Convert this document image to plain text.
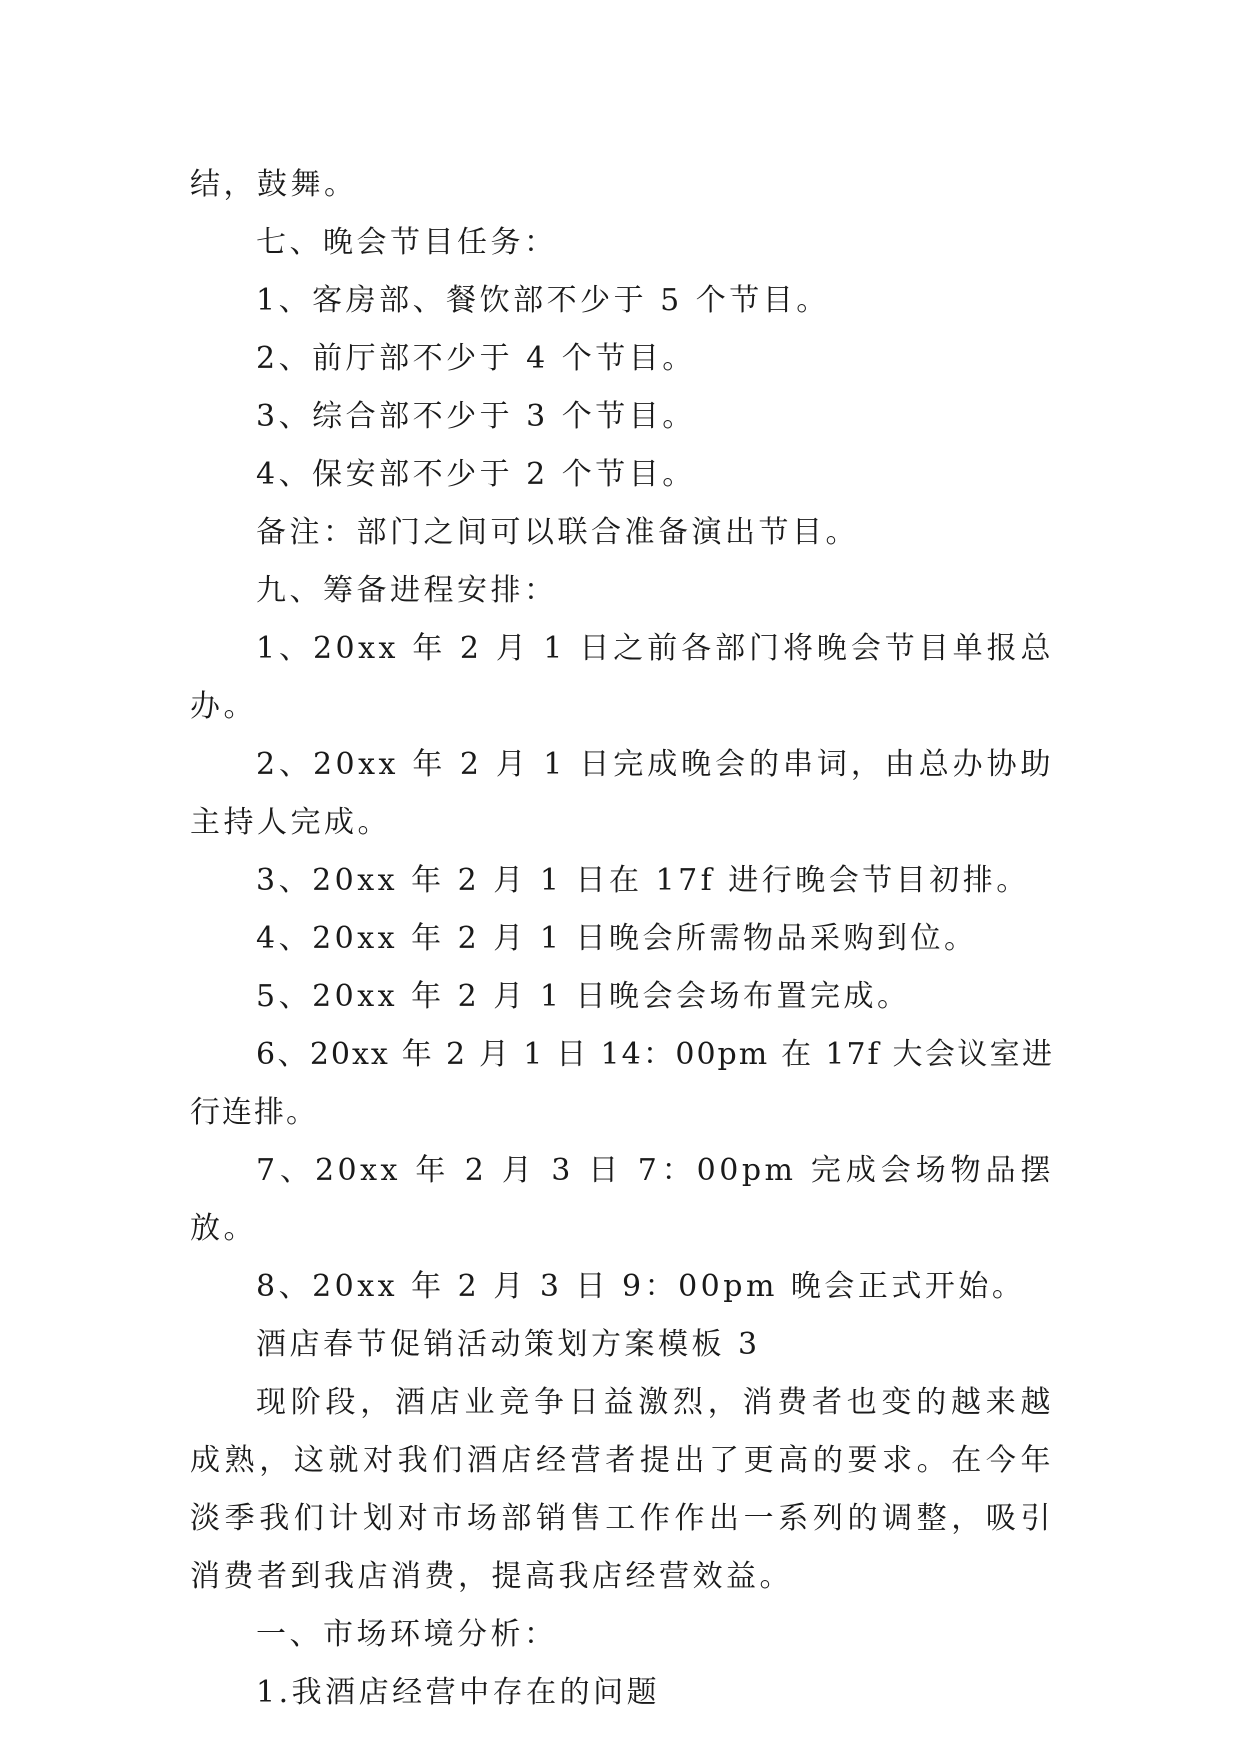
结，鼓舞。

七、晚会节目任务：

1、客房部、餐饮部不少于 5 个节目。

2、前厅部不少于 4 个节目。

3、综合部不少于 3 个节目。

4、保安部不少于 2 个节目。

备注：部门之间可以联合准备演出节目。

九、筹备进程安排：

1、20xx 年 2 月 1 日之前各部门将晚会节目单报总办。

2、20xx 年 2 月 1 日完成晚会的串词，由总办协助主持人完成。

3、20xx 年 2 月 1 日在 17f 进行晚会节目初排。

4、20xx 年 2 月 1 日晚会所需物品采购到位。

5、20xx 年 2 月 1 日晚会会场布置完成。

6、20xx 年 2 月 1 日 14：00pm 在 17f 大会议室进行连排。

7、20xx 年 2 月 3 日 7：00pm 完成会场物品摆放。

8、20xx 年 2 月 3 日 9：00pm 晚会正式开始。

酒店春节促销活动策划方案模板 3

现阶段，酒店业竞争日益激烈，消费者也变的越来越成熟，这就对我们酒店经营者提出了更高的要求。在今年淡季我们计划对市场部销售工作作出一系列的调整，吸引消费者到我店消费，提高我店经营效益。

一、市场环境分析：

1.我酒店经营中存在的问题
